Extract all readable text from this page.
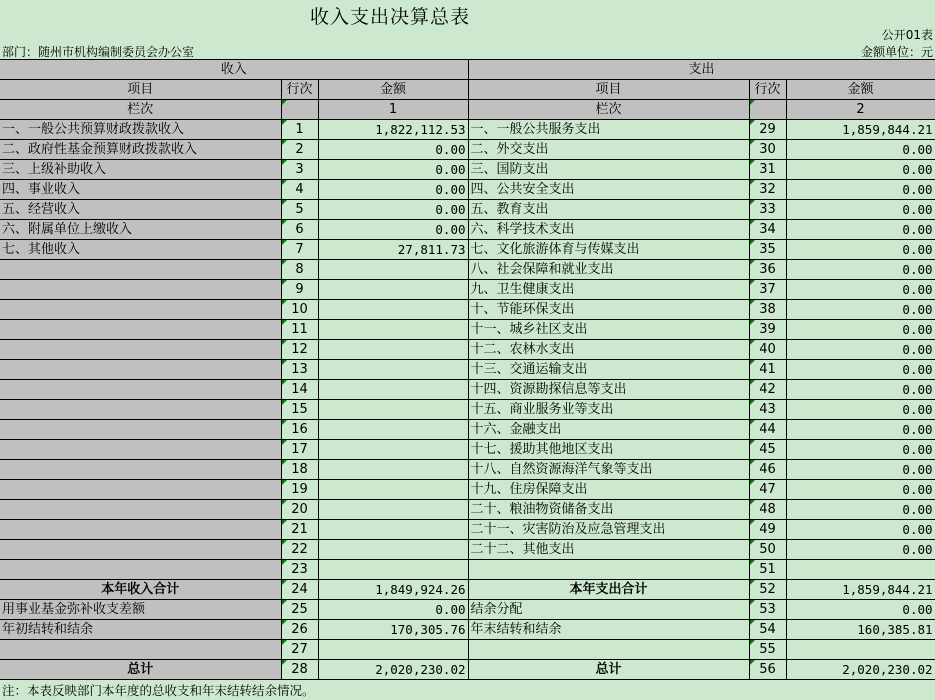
收入支出决算总表
公开01表
部门：随州市机构编制委员会办公室	金额单位：元
收入			支出		
项目	行次	金额	项目	行次	金额
栏次		1	栏次		2
一、一般公共预算财政拨款收入	1	1,822,112.53	一、一般公共服务支出	29	1,859,844.21
二、政府性基金预算财政拨款收入	2	0.00	二、外交支出	30	0.00
三、上级补助收入	3	0.00	三、国防支出	31	0.00
四、事业收入	4	0.00	四、公共安全支出	32	0.00
五、经营收入	5	0.00	五、教育支出	33	0.00
六、附属单位上缴收入	6	0.00	六、科学技术支出	34	0.00
七、其他收入	7	27,811.73	七、文化旅游体育与传媒支出	35	0.00
	8		八、社会保障和就业支出	36	0.00
	9		九、卫生健康支出	37	0.00
	10		十、节能环保支出	38	0.00
	11		十一、城乡社区支出	39	0.00
	12		十二、农林水支出	40	0.00
	13		十三、交通运输支出	41	0.00
	14		十四、资源勘探信息等支出	42	0.00
	15		十五、商业服务业等支出	43	0.00
	16		十六、金融支出	44	0.00
	17		十七、援助其他地区支出	45	0.00
	18		十八、自然资源海洋气象等支出	46	0.00
	19		十九、住房保障支出	47	0.00
	20		二十、粮油物资储备支出	48	0.00
	21		二十一、灾害防治及应急管理支出	49	0.00
	22		二十二、其他支出	50	0.00
	23			51	
本年收入合计	24	1,849,924.26	本年支出合计	52	1,859,844.21
用事业基金弥补收支差额	25	0.00	结余分配	53	0.00
年初结转和结余	26	170,305.76	年末结转和结余	54	160,385.81
	27			55	
总计	28	2,020,230.02	总计	56	2,020,230.02
注：本表反映部门本年度的总收支和年末结转结余情况。
